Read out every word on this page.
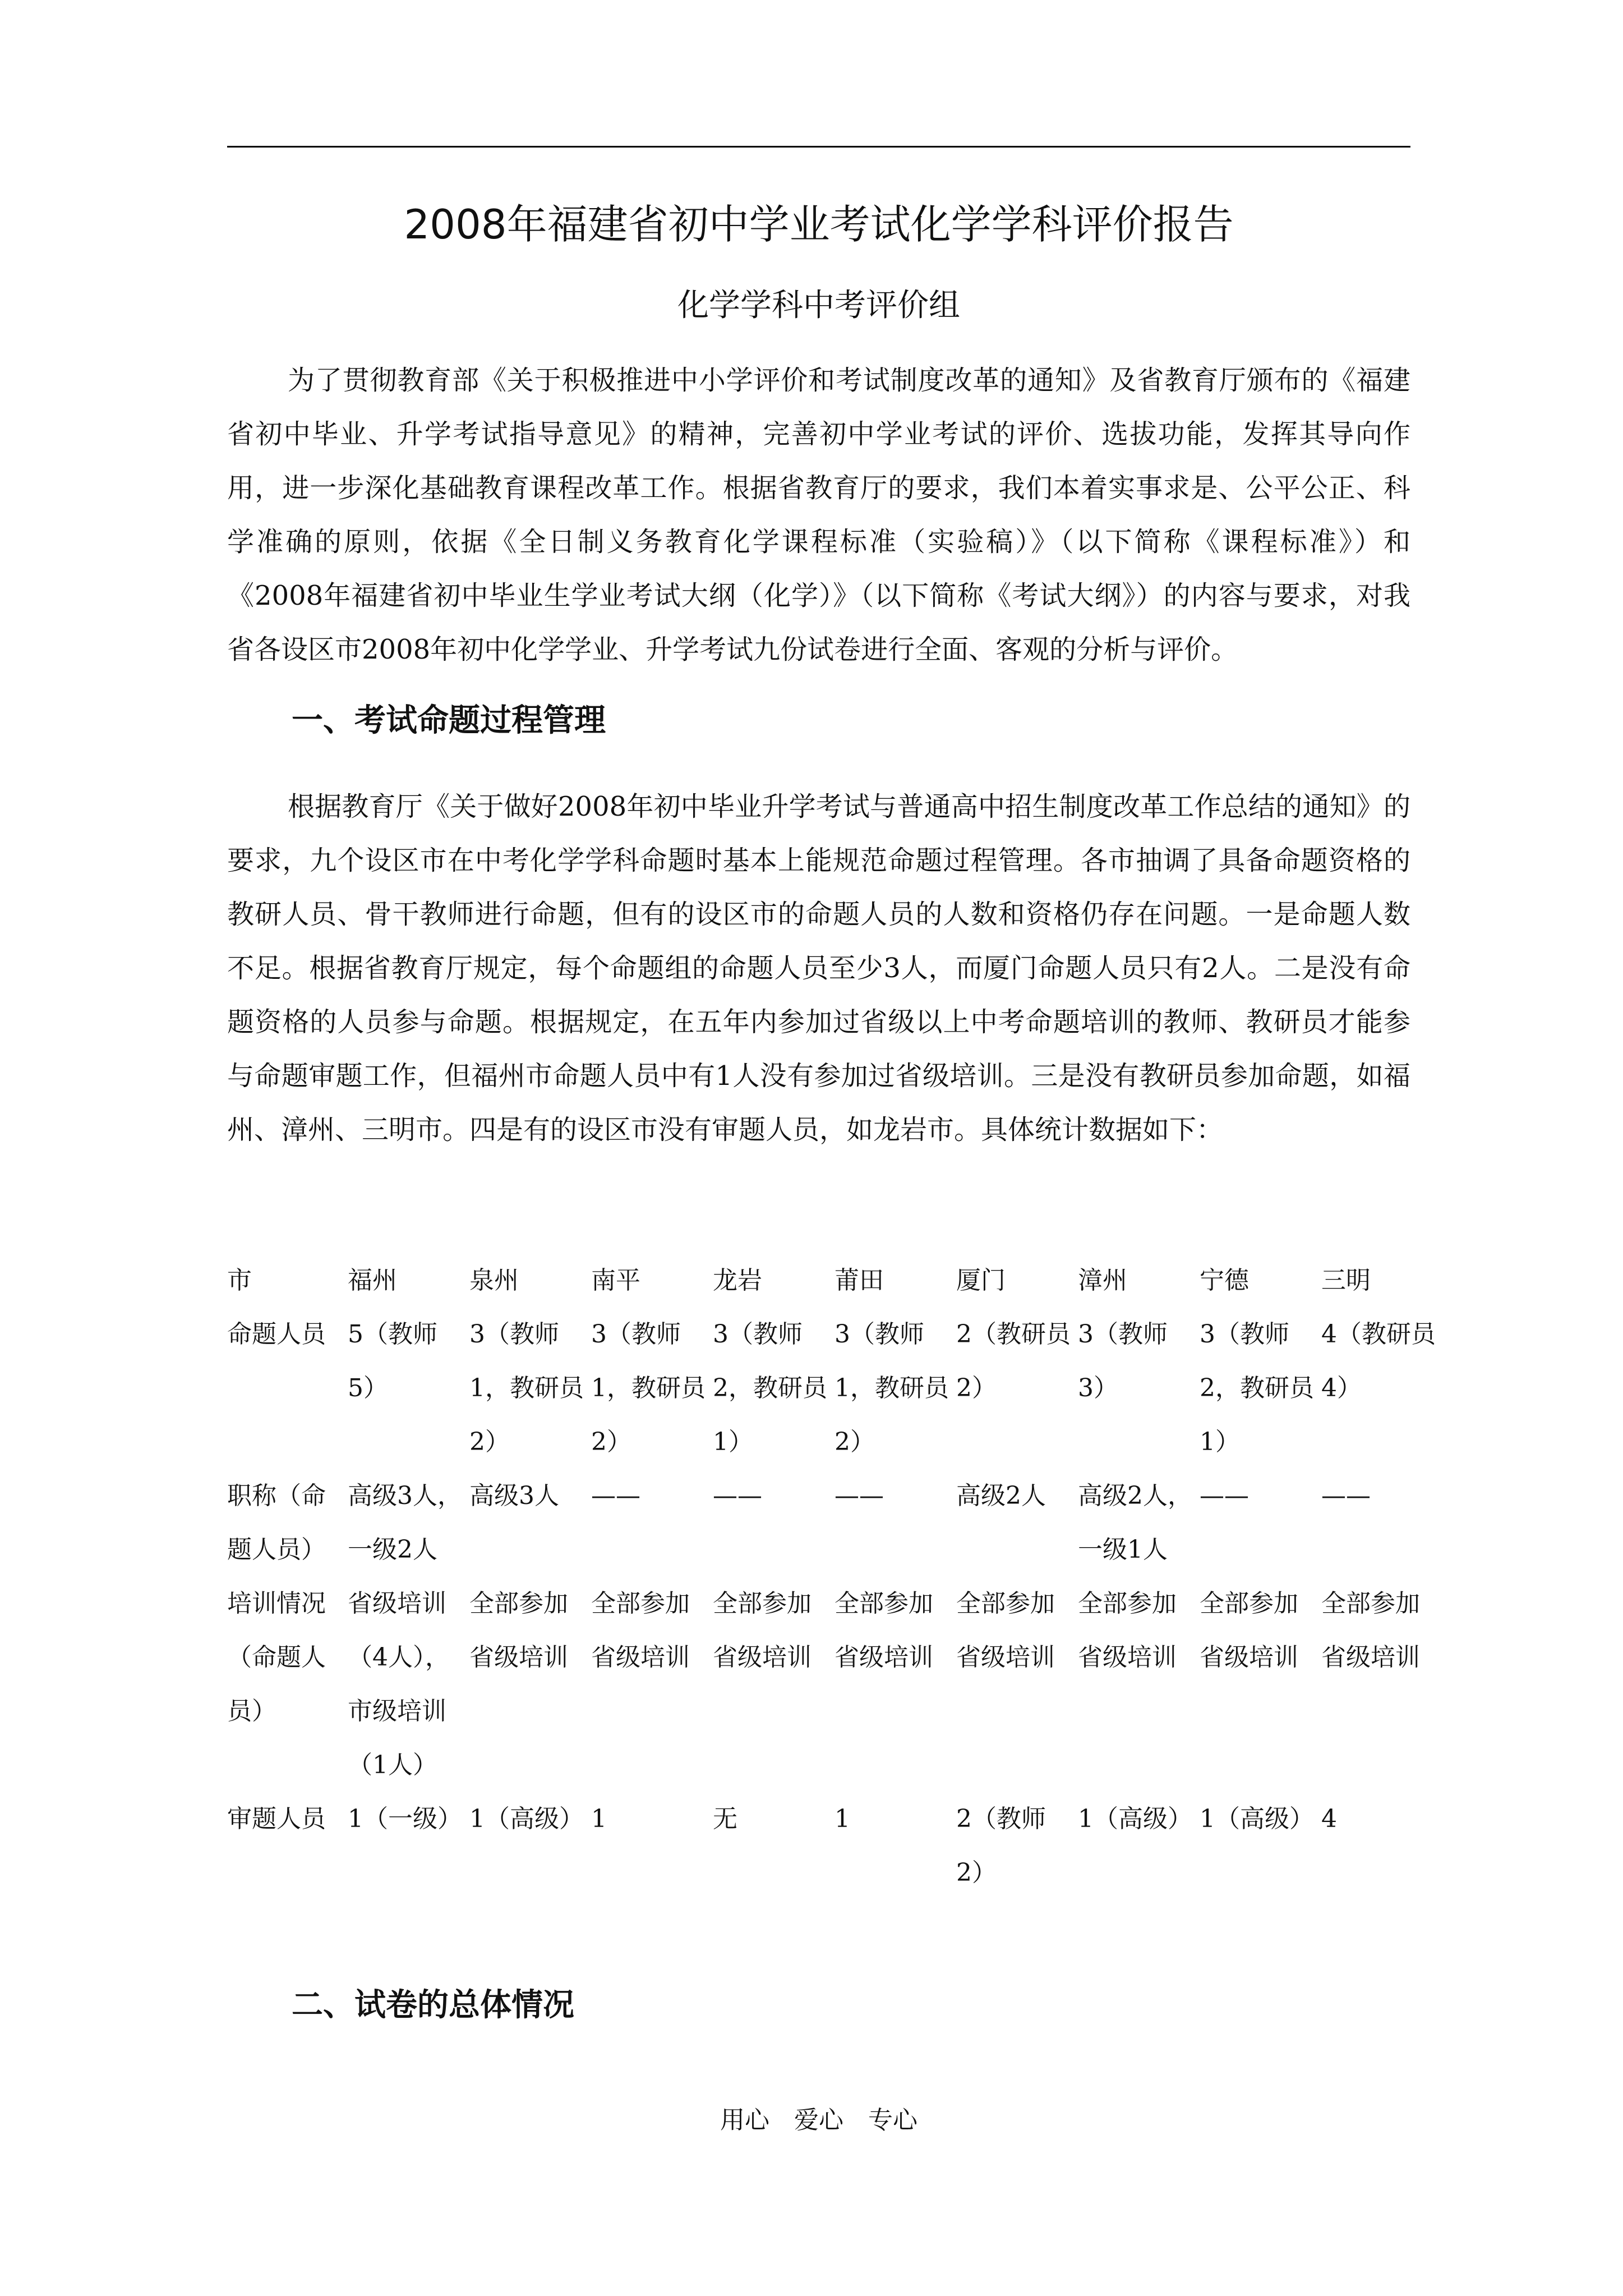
2008年福建省初中学业考试化学学科评价报告
化学学科中考评价组

为了贯彻教育部《关于积极推进中小学评价和考试制度改革的通知》及省教育厅颁布的《福建省初中毕业、升学考试指导意见》的精神，完善初中学业考试的评价、选拔功能，发挥其导向作用，进一步深化基础教育课程改革工作。根据省教育厅的要求，我们本着实事求是、公平公正、科学准确的原则，依据《全日制义务教育化学课程标准（实验稿）》（以下简称《课程标准》）和《2008年福建省初中毕业生学业考试大纲（化学）》（以下简称《考试大纲》）的内容与要求，对我省各设区市2008年初中化学学业、升学考试九份试卷进行全面、客观的分析与评价。

一、考试命题过程管理

根据教育厅《关于做好2008年初中毕业升学考试与普通高中招生制度改革工作总结的通知》的要求，九个设区市在中考化学学科命题时基本上能规范命题过程管理。各市抽调了具备命题资格的教研人员、骨干教师进行命题，但有的设区市的命题人员的人数和资格仍存在问题。一是命题人数不足。根据省教育厅规定，每个命题组的命题人员至少3人，而厦门命题人员只有2人。二是没有命题资格的人员参与命题。根据规定，在五年内参加过省级以上中考命题培训的教师、教研员才能参与命题审题工作，但福州市命题人员中有1人没有参加过省级培训。三是没有教研员参加命题，如福州、漳州、三明市。四是有的设区市没有审题人员，如龙岩市。具体统计数据如下：

市	福州	泉州	南平	龙岩	莆田	厦门	漳州	宁德	三明
命题人员	5（教师5）	3（教师1，教研员2）	3（教师1，教研员2）	3（教师2，教研员1）	3（教师1，教研员2）	2（教研员2）	3（教师3）	3（教师2，教研员1）	4（教研员4）
职称（命题人员）	高级3人，一级2人	高级3人	——	——	——	高级2人	高级2人，一级1人	——	——
培训情况（命题人员）	省级培训（4人），市级培训（1人）	全部参加省级培训	全部参加省级培训	全部参加省级培训	全部参加省级培训	全部参加省级培训	全部参加省级培训	全部参加省级培训	全部参加省级培训
审题人员	1（一级）	1（高级）	1	无	1	2（教师2）	1（高级）	1（高级）	4
二、试卷的总体情况
用心　爱心　专心
